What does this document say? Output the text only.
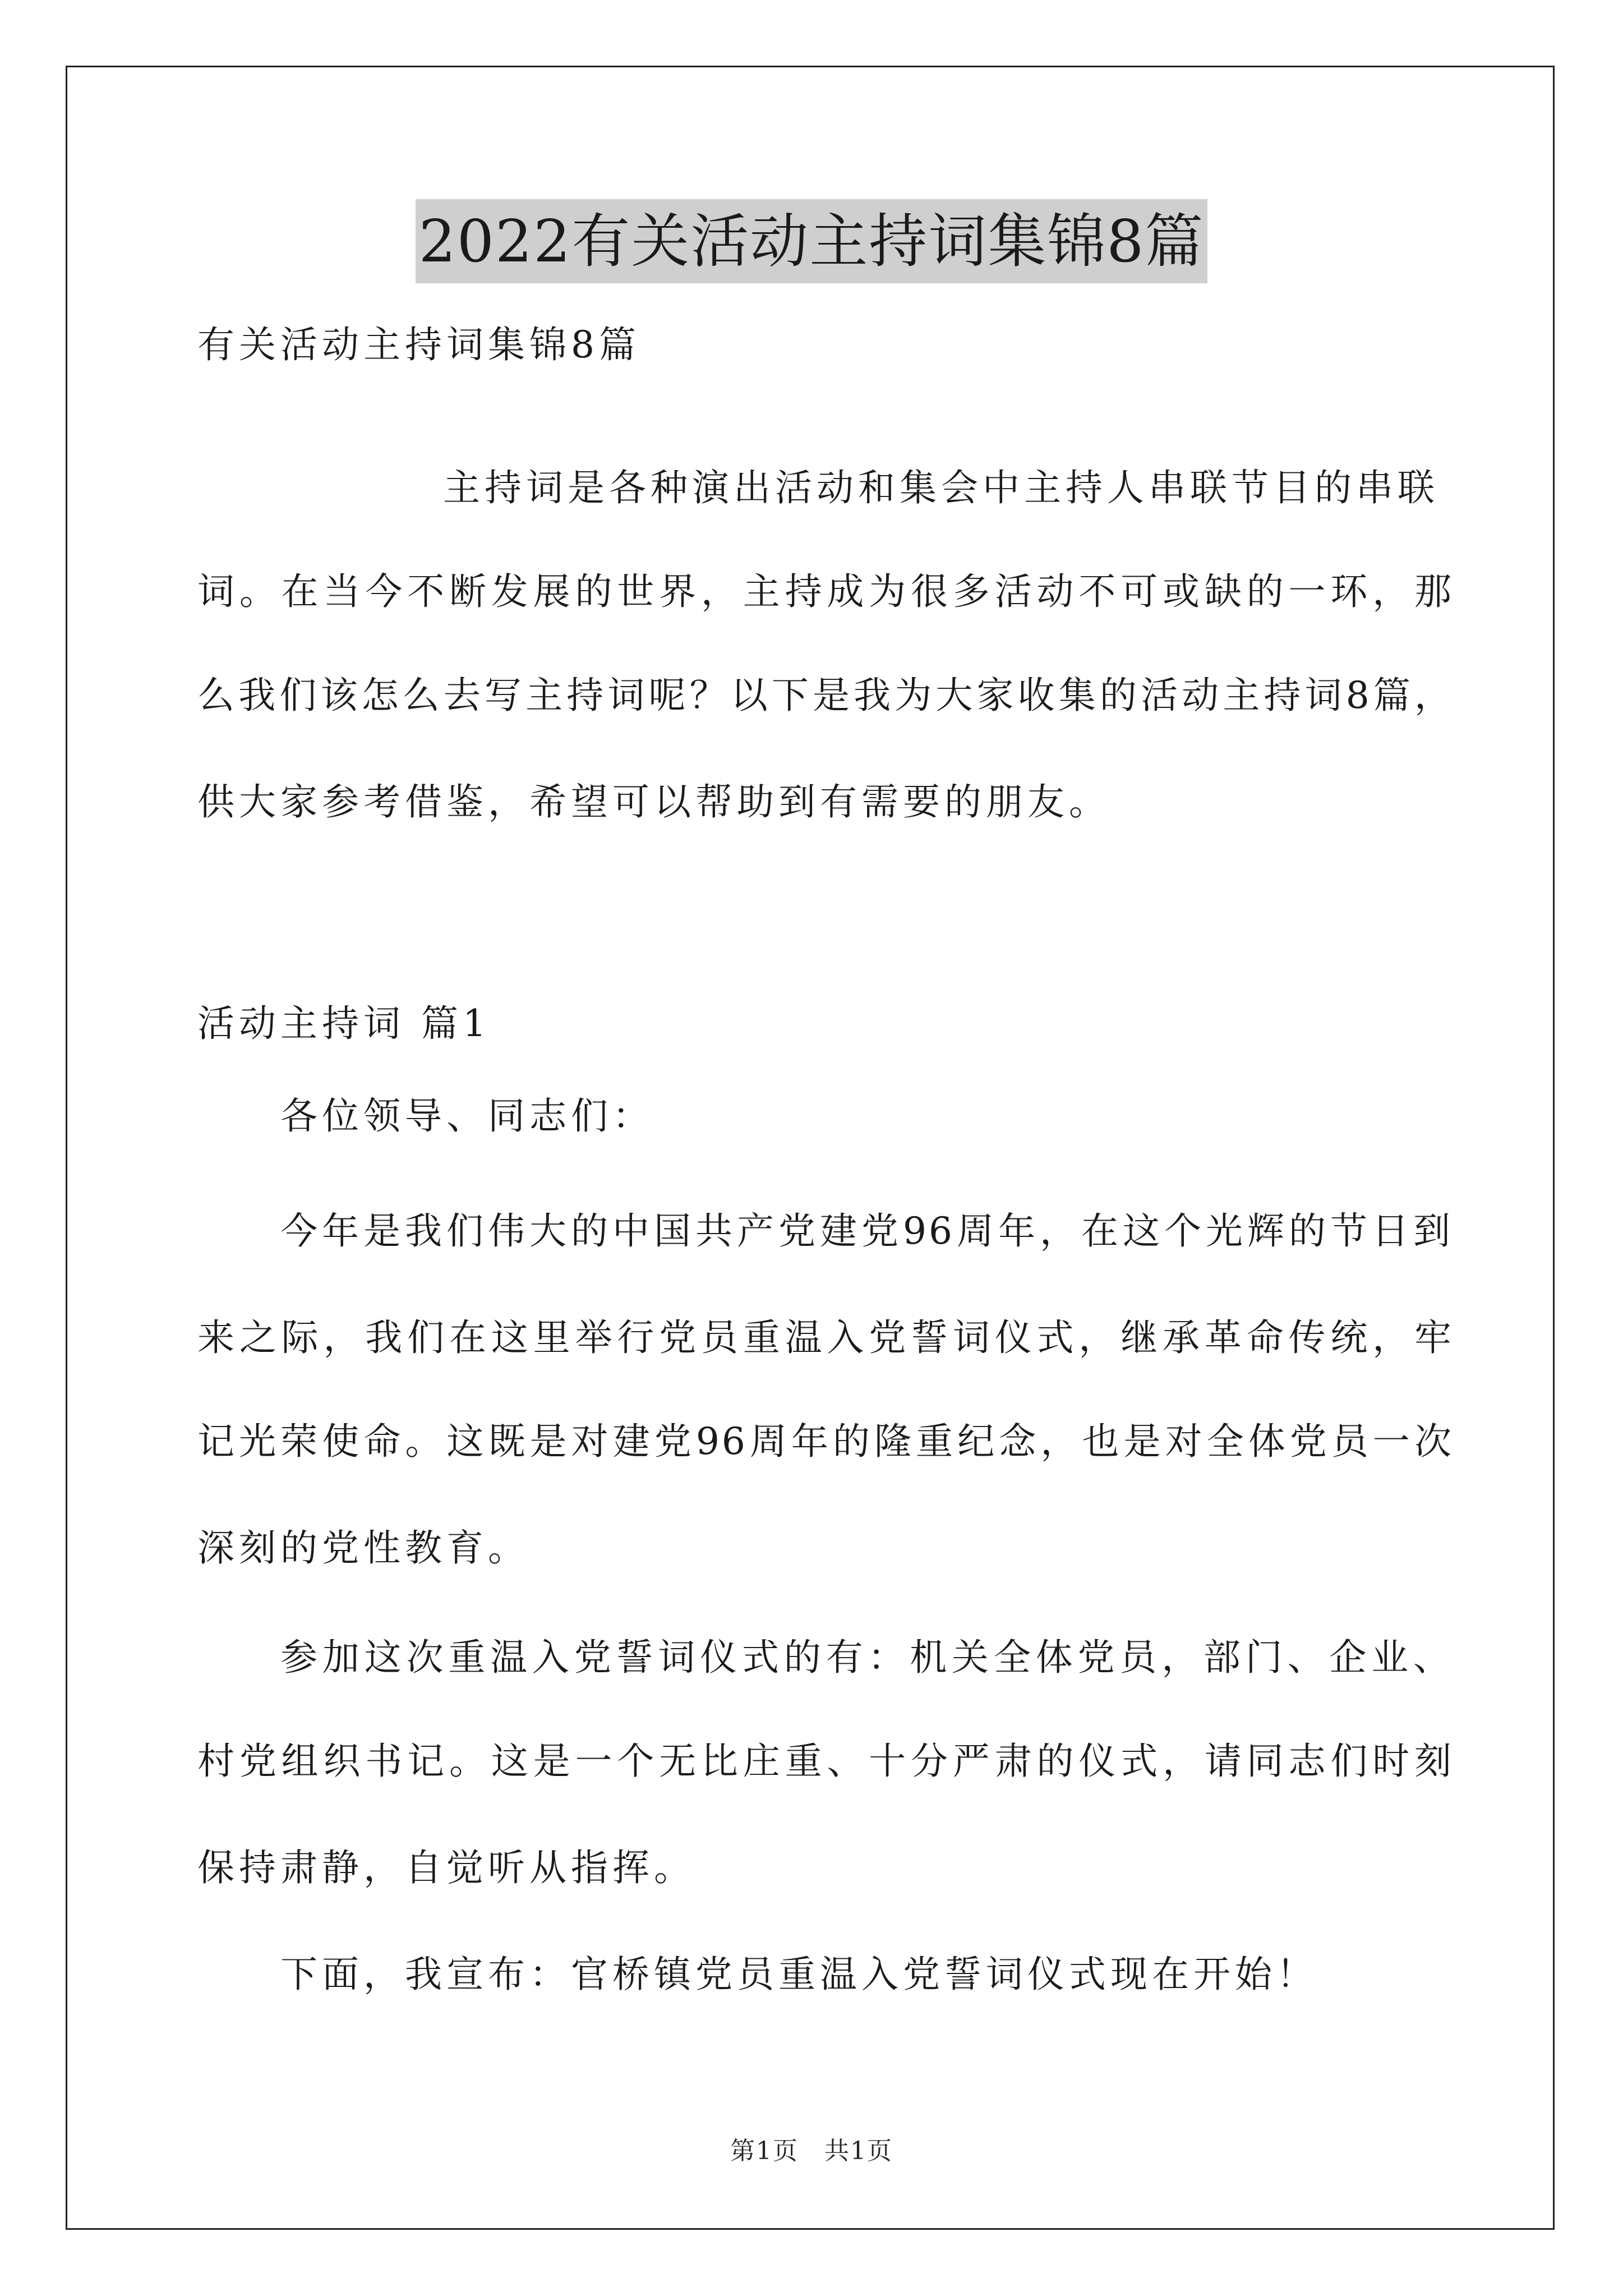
2022有关活动主持词集锦8篇
有关活动主持词集锦8篇
主持词是各种演出活动和集会中主持人串联节目的串联
词。在当今不断发展的世界，主持成为很多活动不可或缺的一环，那
么我们该怎么去写主持词呢？以下是我为大家收集的活动主持词8篇，
供大家参考借鉴，希望可以帮助到有需要的朋友。
活动主持词 篇1
各位领导、同志们：
今年是我们伟大的中国共产党建党96周年，在这个光辉的节日到
来之际，我们在这里举行党员重温入党誓词仪式，继承革命传统，牢
记光荣使命。这既是对建党96周年的隆重纪念，也是对全体党员一次
深刻的党性教育。
参加这次重温入党誓词仪式的有：机关全体党员，部门、企业、
村党组织书记。这是一个无比庄重、十分严肃的仪式，请同志们时刻
保持肃静，自觉听从指挥。
下面，我宣布：官桥镇党员重温入党誓词仪式现在开始！
第1页　共1页
